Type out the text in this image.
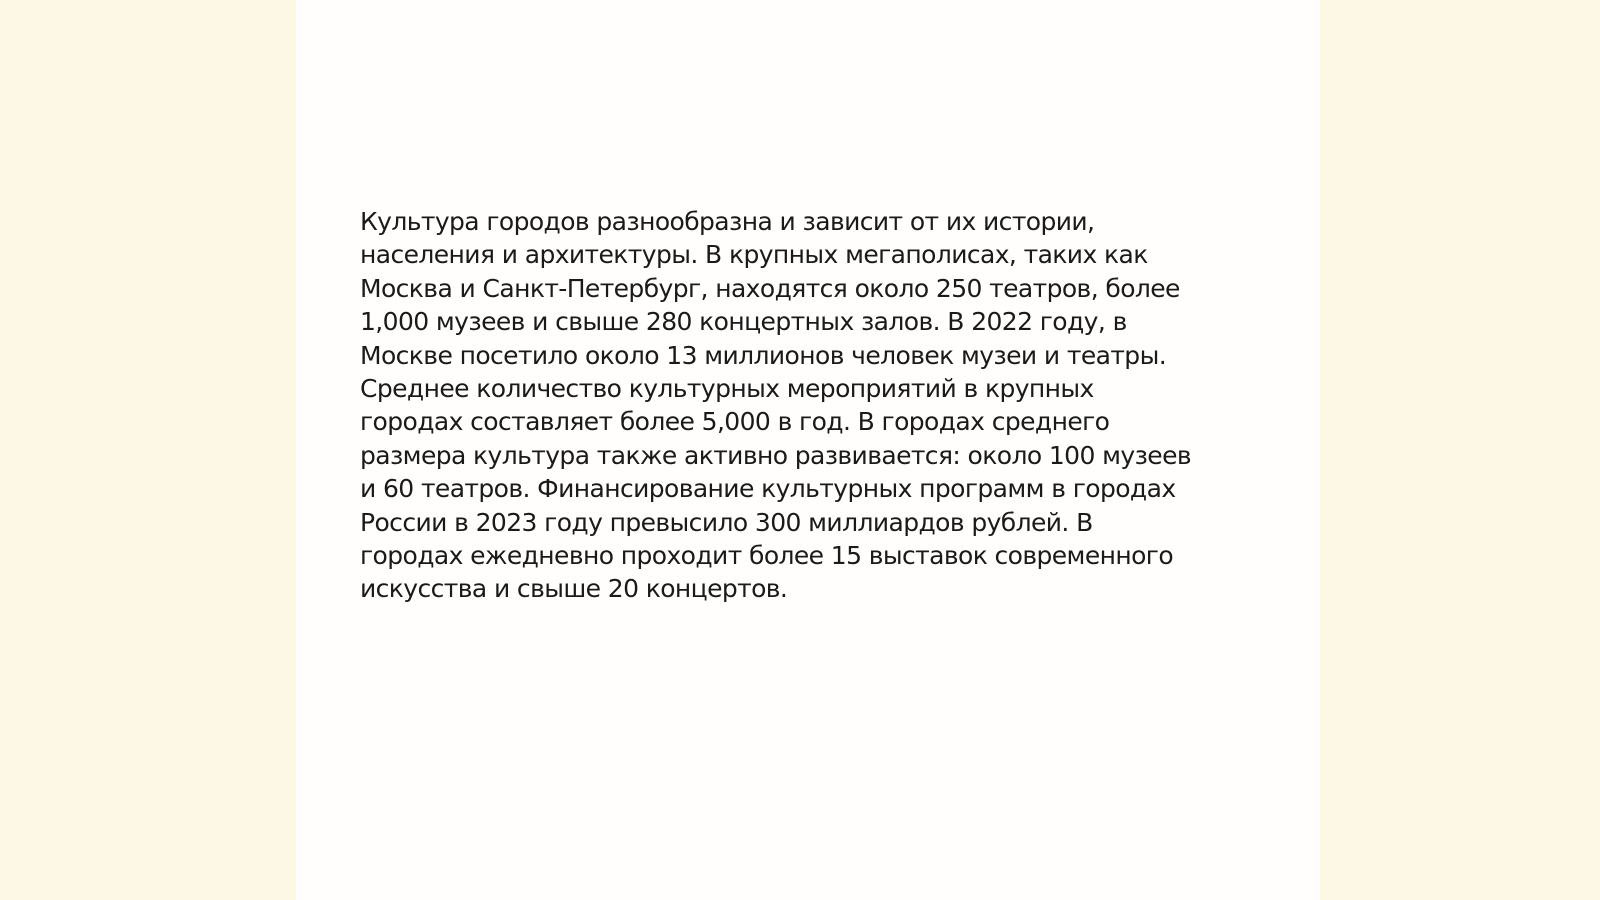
Культура городов разнообразна и зависит от их истории,
населения и архитектуры. В крупных мегаполисах, таких как
Москва и Санкт-Петербург, находятся около 250 театров, более
1,000 музеев и свыше 280 концертных залов. В 2022 году, в
Москве посетило около 13 миллионов человек музеи и театры.
Среднее количество культурных мероприятий в крупных
городах составляет более 5,000 в год. В городах среднего
размера культура также активно развивается: около 100 музеев
и 60 театров. Финансирование культурных программ в городах
России в 2023 году превысило 300 миллиардов рублей. В
городах ежедневно проходит более 15 выставок современного
искусства и свыше 20 концертов.
